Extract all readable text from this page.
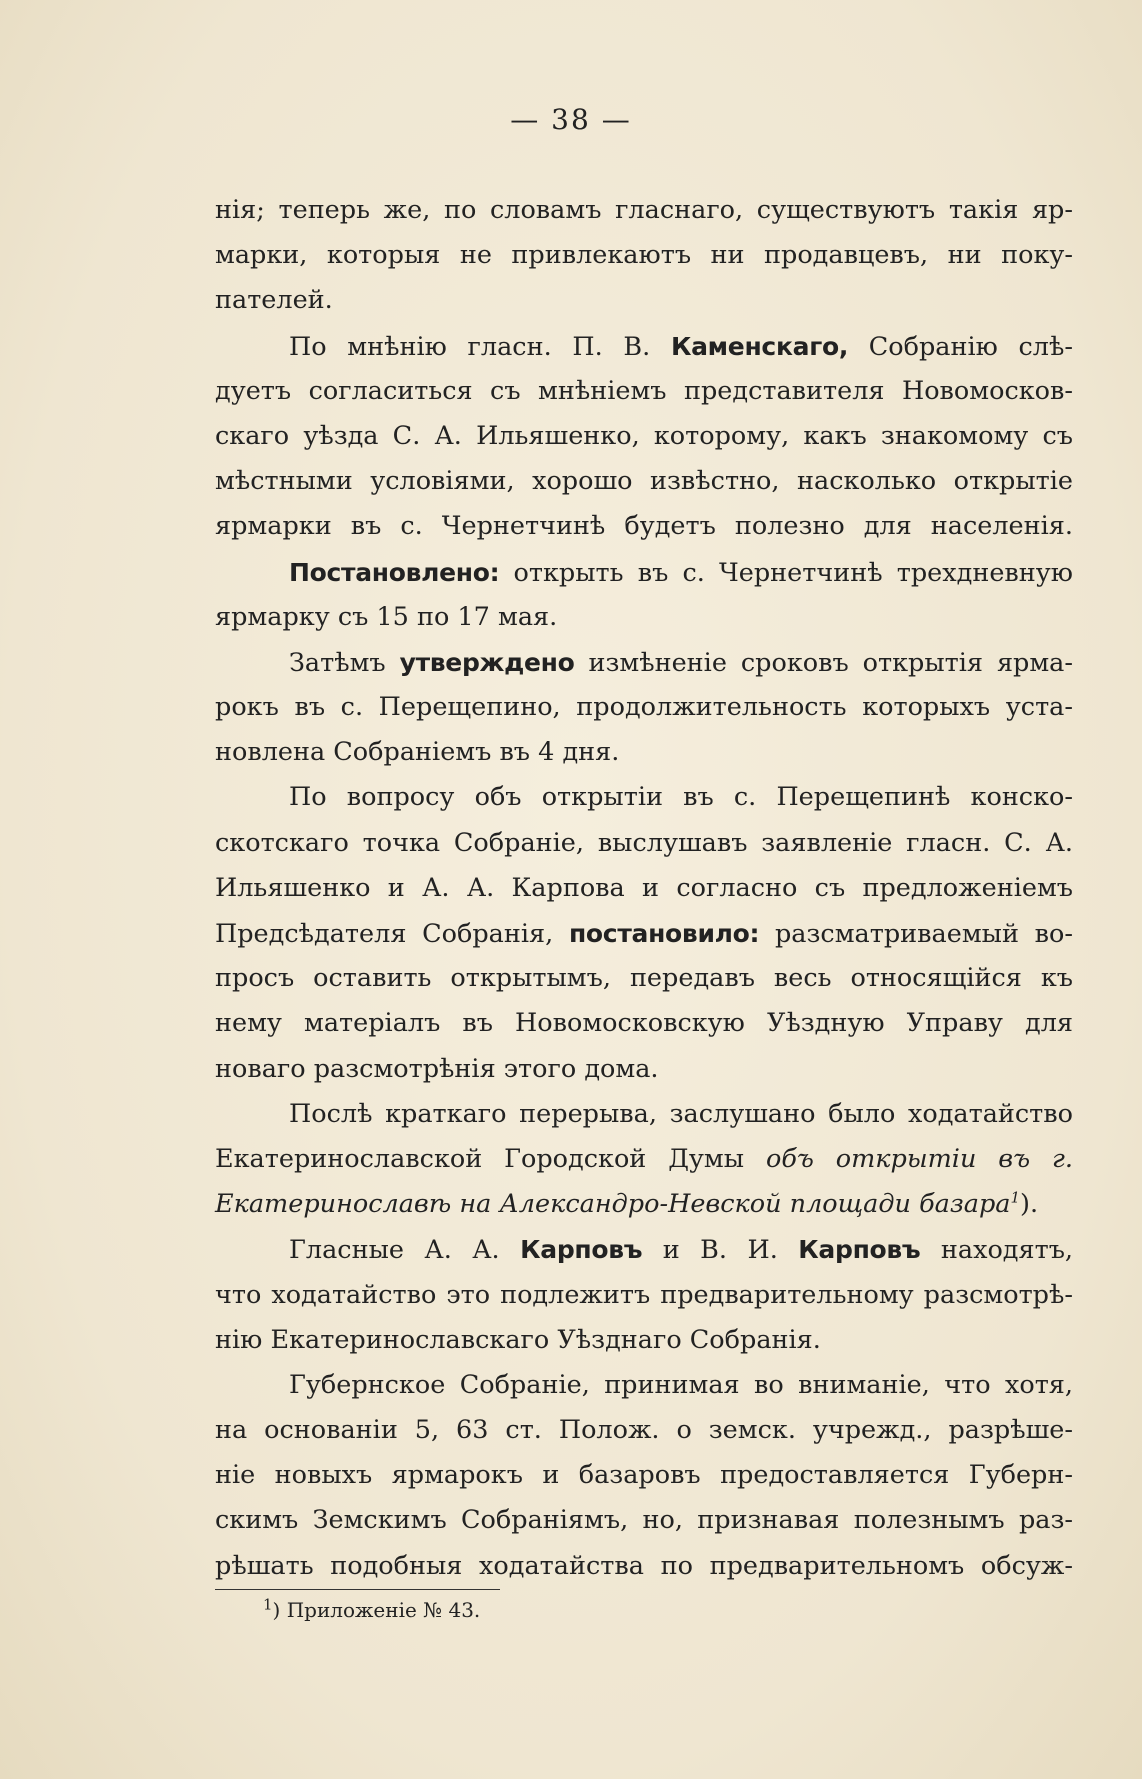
— 38 —
нія; теперь же, по словамъ гласнаго, существуютъ такія яр-
марки, которыя не привлекаютъ ни продавцевъ, ни поку-
пателей.
По мнѣнію гласн. П. В. Каменскаго, Собранію слѣ-
дуетъ согласиться съ мнѣніемъ представителя Новомосков-
скаго уѣзда С. А. Ильяшенко, которому, какъ знакомому съ
мѣстными условіями, хорошо извѣстно, насколько открытіе
ярмарки въ с. Чернетчинѣ будетъ полезно для населенія.
Постановлено: открыть въ с. Чернетчинѣ трехдневную
ярмарку съ 15 по 17 мая.
Затѣмъ утверждено измѣненіе сроковъ открытія ярма-
рокъ въ с. Перещепино, продолжительность которыхъ уста-
новлена Собраніемъ въ 4 дня.
По вопросу объ открытіи въ с. Перещепинѣ конско-
скотскаго точка Собраніе, выслушавъ заявленіе гласн. С. А.
Ильяшенко и А. А. Карпова и согласно съ предложеніемъ
Предсѣдателя Собранія, постановило: разсматриваемый во-
просъ оставить открытымъ, передавъ весь относящійся къ
нему матеріалъ въ Новомосковскую Уѣздную Управу для
новаго разсмотрѣнія этого дома.
Послѣ краткаго перерыва, заслушано было ходатайство
Екатеринославской Городской Думы объ открытіи въ г.
Екатеринославѣ на Александро-Невской площади базара$^1$).
Гласные А. А. Карповъ и В. И. Карповъ находятъ,
что ходатайство это подлежитъ предварительному разсмотрѣ-
нію Екатеринославскаго Уѣзднаго Собранія.
Губернское Собраніе, принимая во вниманіе, что хотя,
на основаніи 5, 63 ст. Полож. о земск. учрежд., разрѣше-
ніе новыхъ ярмарокъ и базаровъ предоставляется Губерн-
скимъ Земскимъ Собраніямъ, но, признавая полезнымъ раз-
рѣшать подобныя ходатайства по предварительномъ обсуж-
$^1$) Приложеніе № 43.
